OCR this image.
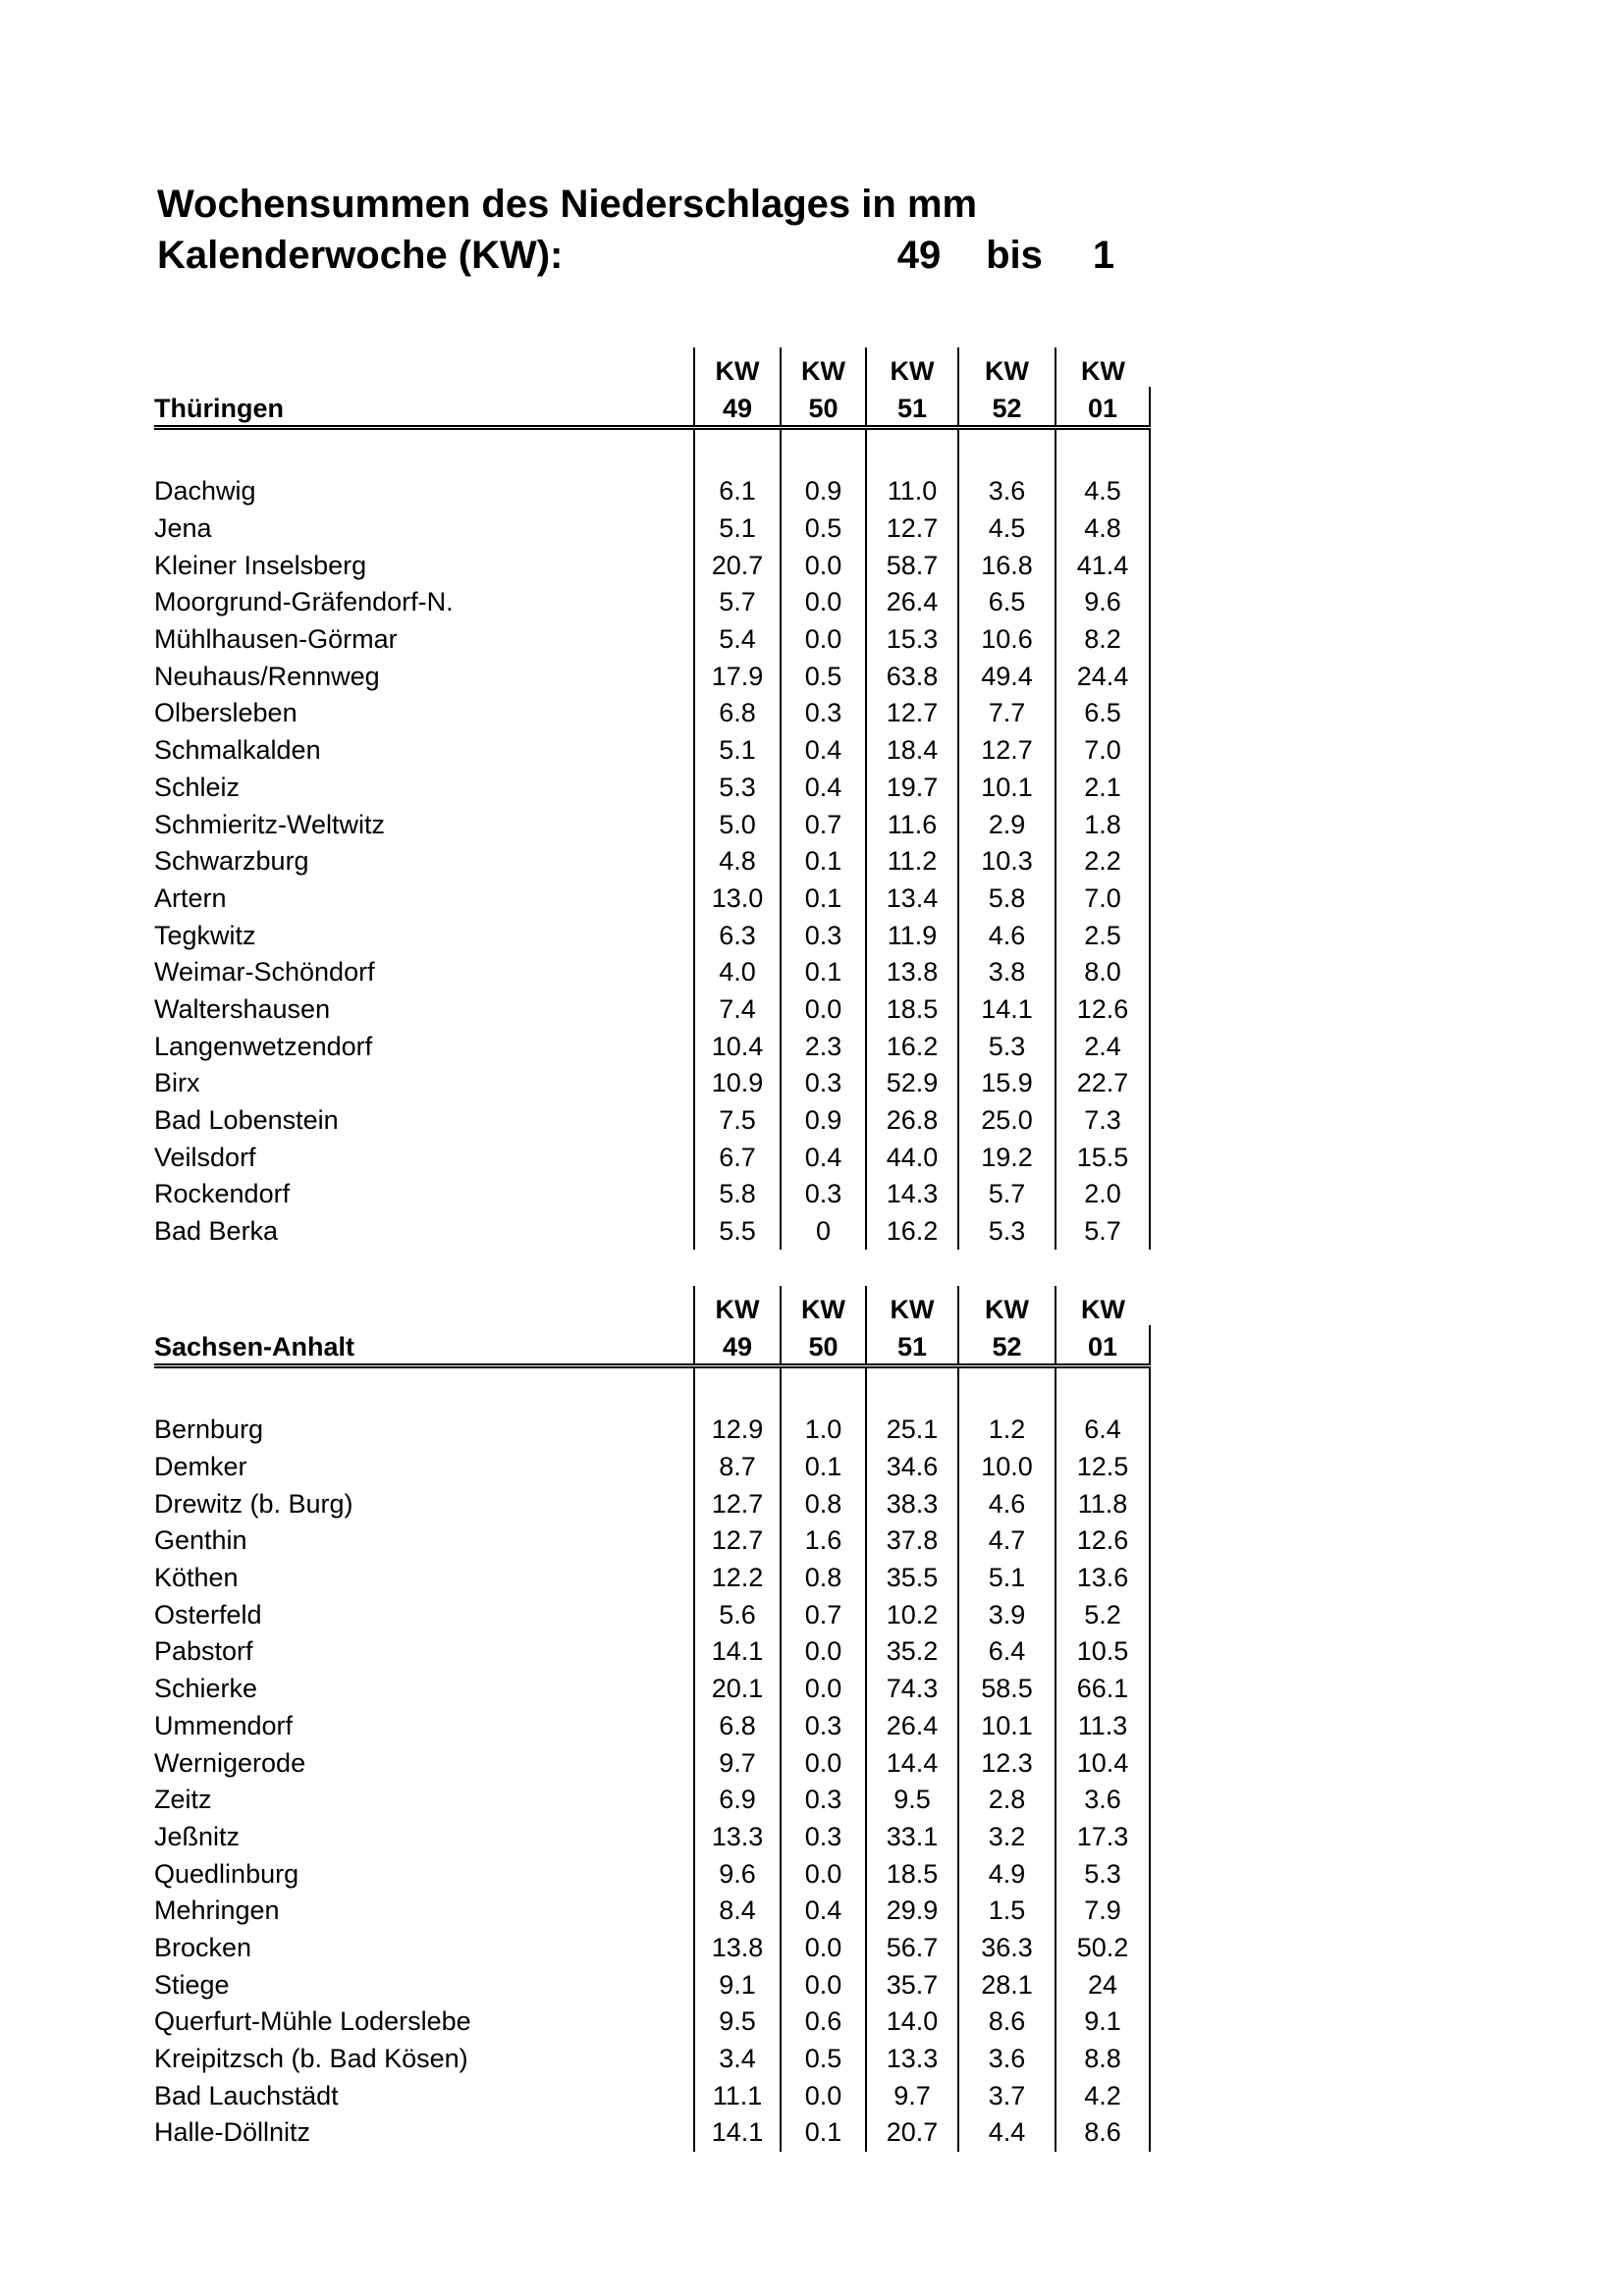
Wochensummen des Niederschlages in mm
Kalenderwoche (KW):	49 bis 1
	KW	KW	KW	KW	KW
Thüringen	49	50	51	52	01

Dachwig	6.1	0.9	11.0	3.6	4.5
Jena	5.1	0.5	12.7	4.5	4.8
Kleiner Inselsberg	20.7	0.0	58.7	16.8	41.4
Moorgrund-Gräfendorf-N.	5.7	0.0	26.4	6.5	9.6
Mühlhausen-Görmar	5.4	0.0	15.3	10.6	8.2
Neuhaus/Rennweg	17.9	0.5	63.8	49.4	24.4
Olbersleben	6.8	0.3	12.7	7.7	6.5
Schmalkalden	5.1	0.4	18.4	12.7	7.0
Schleiz	5.3	0.4	19.7	10.1	2.1
Schmieritz-Weltwitz	5.0	0.7	11.6	2.9	1.8
Schwarzburg	4.8	0.1	11.2	10.3	2.2
Artern	13.0	0.1	13.4	5.8	7.0
Tegkwitz	6.3	0.3	11.9	4.6	2.5
Weimar-Schöndorf	4.0	0.1	13.8	3.8	8.0
Waltershausen	7.4	0.0	18.5	14.1	12.6
Langenwetzendorf	10.4	2.3	16.2	5.3	2.4
Birx	10.9	0.3	52.9	15.9	22.7
Bad Lobenstein	7.5	0.9	26.8	25.0	7.3
Veilsdorf	6.7	0.4	44.0	19.2	15.5
Rockendorf	5.8	0.3	14.3	5.7	2.0
Bad Berka	5.5	0	16.2	5.3	5.7
	KW	KW	KW	KW	KW
Sachsen-Anhalt	49	50	51	52	01

Bernburg	12.9	1.0	25.1	1.2	6.4
Demker	8.7	0.1	34.6	10.0	12.5
Drewitz (b. Burg)	12.7	0.8	38.3	4.6	11.8
Genthin	12.7	1.6	37.8	4.7	12.6
Köthen	12.2	0.8	35.5	5.1	13.6
Osterfeld	5.6	0.7	10.2	3.9	5.2
Pabstorf	14.1	0.0	35.2	6.4	10.5
Schierke	20.1	0.0	74.3	58.5	66.1
Ummendorf	6.8	0.3	26.4	10.1	11.3
Wernigerode	9.7	0.0	14.4	12.3	10.4
Zeitz	6.9	0.3	9.5	2.8	3.6
Jeßnitz	13.3	0.3	33.1	3.2	17.3
Quedlinburg	9.6	0.0	18.5	4.9	5.3
Mehringen	8.4	0.4	29.9	1.5	7.9
Brocken	13.8	0.0	56.7	36.3	50.2
Stiege	9.1	0.0	35.7	28.1	24
Querfurt-Mühle Loderslebe	9.5	0.6	14.0	8.6	9.1
Kreipitzsch (b. Bad Kösen)	3.4	0.5	13.3	3.6	8.8
Bad Lauchstädt	11.1	0.0	9.7	3.7	4.2
Halle-Döllnitz	14.1	0.1	20.7	4.4	8.6
